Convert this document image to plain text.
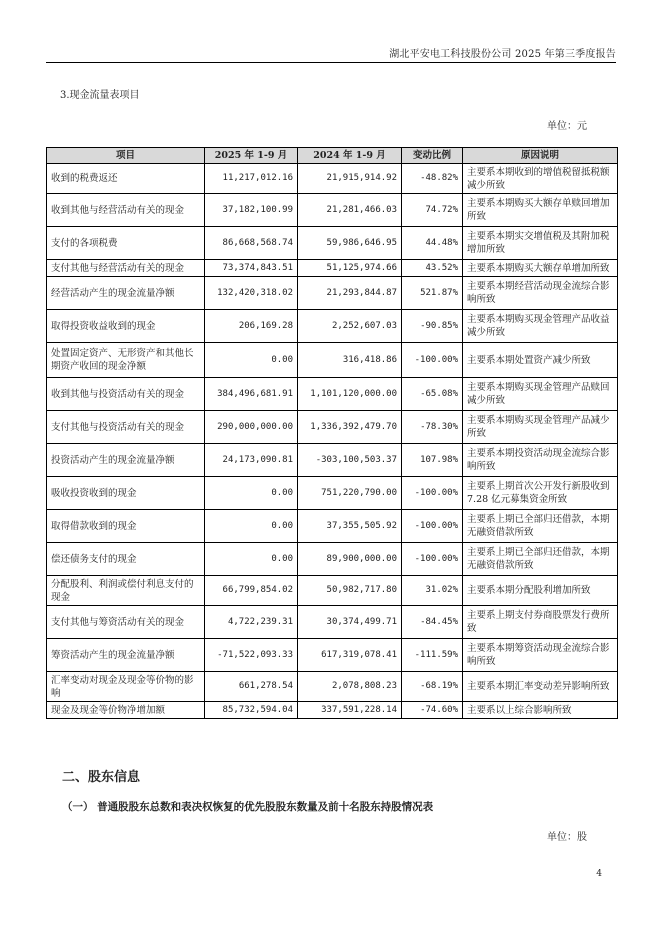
湖北平安电工科技股份公司 2025 年第三季度报告
3.现金流量表项目
单位：元
项目	2025 年 1-9 月	2024 年 1-9 月	变动比例	原因说明
收到的税费返还	11,217,012.16	21,915,914.92	-48.82%	主要系本期收到的增值税留抵税额减少所致
收到其他与经营活动有关的现金	37,182,100.99	21,281,466.03	74.72%	主要系本期购买大额存单赎回增加所致
支付的各项税费	86,668,568.74	59,986,646.95	44.48%	主要系本期实交增值税及其附加税增加所致
支付其他与经营活动有关的现金	73,374,843.51	51,125,974.66	43.52%	主要系本期购买大额存单增加所致
经营活动产生的现金流量净额	132,420,318.02	21,293,844.87	521.87%	主要系本期经营活动现金流综合影响所致
取得投资收益收到的现金	206,169.28	2,252,607.03	-90.85%	主要系本期购买现金管理产品收益减少所致
处置固定资产、无形资产和其他长期资产收回的现金净额	0.00	316,418.86	-100.00%	主要系本期处置资产减少所致
收到其他与投资活动有关的现金	384,496,681.91	1,101,120,000.00	-65.08%	主要系本期购买现金管理产品赎回减少所致
支付其他与投资活动有关的现金	290,000,000.00	1,336,392,479.70	-78.30%	主要系本期购买现金管理产品减少所致
投资活动产生的现金流量净额	24,173,090.81	-303,100,503.37	107.98%	主要系本期投资活动现金流综合影响所致
吸收投资收到的现金	0.00	751,220,790.00	-100.00%	主要系上期首次公开发行新股收到 7.28 亿元募集资金所致
取得借款收到的现金	0.00	37,355,505.92	-100.00%	主要系上期已全部归还借款，本期无融资借款所致
偿还债务支付的现金	0.00	89,900,000.00	-100.00%	主要系上期已全部归还借款，本期无融资借款所致
分配股利、利润或偿付利息支付的现金	66,799,854.02	50,982,717.80	31.02%	主要系本期分配股利增加所致
支付其他与筹资活动有关的现金	4,722,239.31	30,374,499.71	-84.45%	主要系上期支付券商股票发行费所致
筹资活动产生的现金流量净额	-71,522,093.33	617,319,078.41	-111.59%	主要系本期筹资活动现金流综合影响所致
汇率变动对现金及现金等价物的影响	661,278.54	2,078,808.23	-68.19%	主要系本期汇率变动差异影响所致
现金及现金等价物净增加额	85,732,594.04	337,591,228.14	-74.60%	主要系以上综合影响所致
二、股东信息
（一） 普通股股东总数和表决权恢复的优先股股东数量及前十名股东持股情况表
单位：股
4
